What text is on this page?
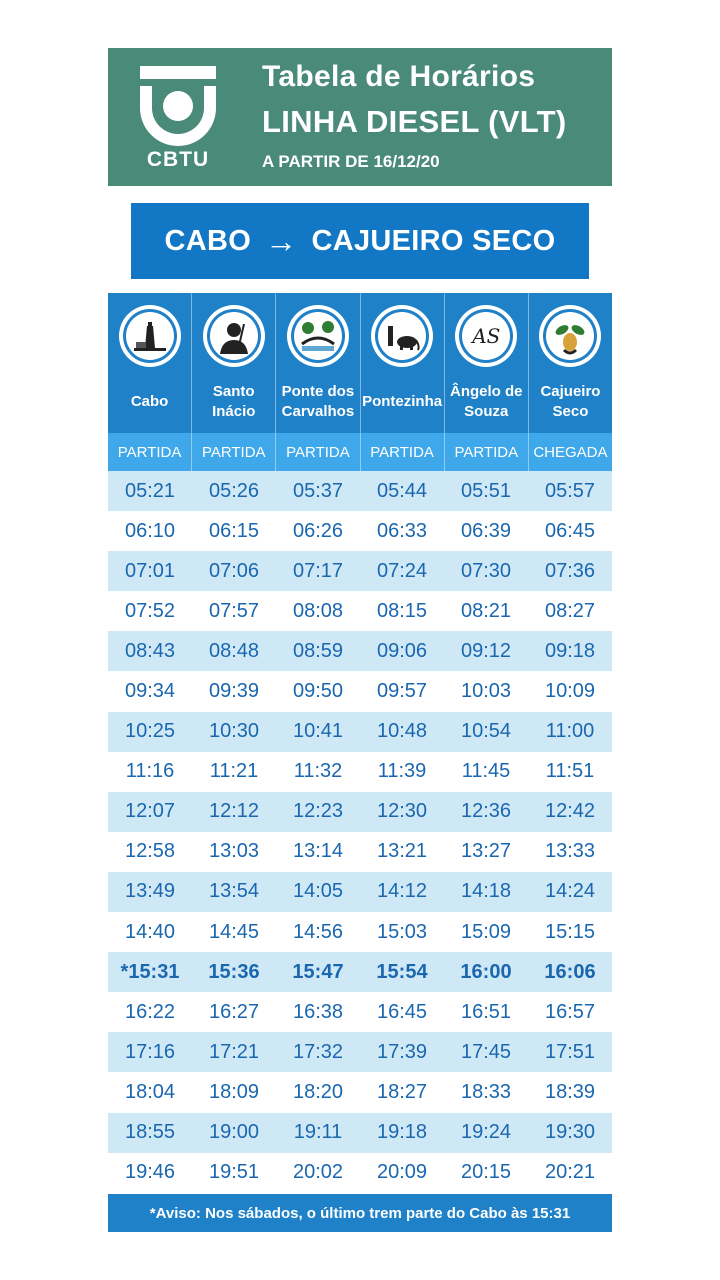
CBTU
Tabela de Horários
LINHA DIESEL (VLT)
A PARTIR DE 16/12/20
CABO → CAJUEIRO SECO
Cabo
Santo Inácio
Ponte dos Carvalhos
Pontezinha
AS
Ângelo de Souza
Cajueiro Seco
PARTIDA	PARTIDA	PARTIDA	PARTIDA	PARTIDA	CHEGADA
05:21	05:26	05:37	05:44	05:51	05:57
06:10	06:15	06:26	06:33	06:39	06:45
07:01	07:06	07:17	07:24	07:30	07:36
07:52	07:57	08:08	08:15	08:21	08:27
08:43	08:48	08:59	09:06	09:12	09:18
09:34	09:39	09:50	09:57	10:03	10:09
10:25	10:30	10:41	10:48	10:54	11:00
11:16	11:21	11:32	11:39	11:45	11:51
12:07	12:12	12:23	12:30	12:36	12:42
12:58	13:03	13:14	13:21	13:27	13:33
13:49	13:54	14:05	14:12	14:18	14:24
14:40	14:45	14:56	15:03	15:09	15:15
*15:31	15:36	15:47	15:54	16:00	16:06
16:22	16:27	16:38	16:45	16:51	16:57
17:16	17:21	17:32	17:39	17:45	17:51
18:04	18:09	18:20	18:27	18:33	18:39
18:55	19:00	19:11	19:18	19:24	19:30
19:46	19:51	20:02	20:09	20:15	20:21
*Aviso: Nos sábados, o último trem parte do Cabo às 15:31
